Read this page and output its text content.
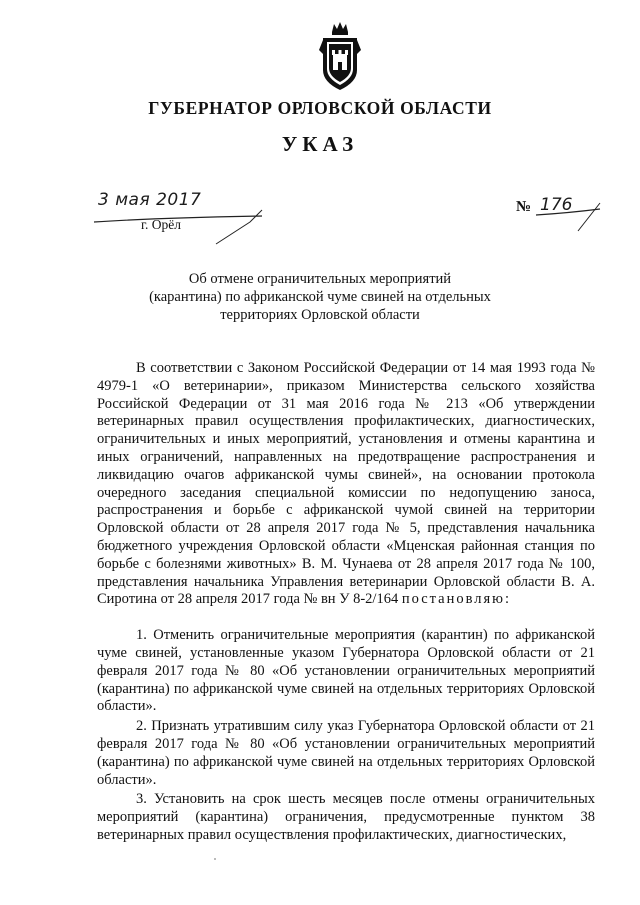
ГУБЕРНАТОР ОРЛОВСКОЙ ОБЛАСТИ
УКАЗ
3 мая 2017
г. Орёл
№ 176
Об отмене ограничительных мероприятий
(карантина) по африканской чуме свиней на отдельных
территориях Орловской области

В соответствии с Законом Российской Федерации от 14 мая 1993 года № 4979-1 «О ветеринарии», приказом Министерства сельского хозяйства Российской Федерации от 31 мая 2016 года № 213 «Об утверждении ветеринарных правил осуществления профилактических, диагностических, ограничительных и иных мероприятий, установления и отмены карантина и иных ограничений, направленных на предотвращение распространения и ликвидацию очагов африканской чумы свиней», на основании протокола очередного заседания специальной комиссии по недопущению заноса, распространения и борьбе с африканской чумой свиней на территории Орловской области от 28 апреля 2017 года № 5, представления начальника бюджетного учреждения Орловской области «Мценская районная станция по борьбе с болезнями животных» В. М. Чунаева от 28 апреля 2017 года № 100, представления начальника Управления ветеринарии Орловской области В. А. Сиротина от 28 апреля 2017 года № вн У 8-2/164 постановляю:

1. Отменить ограничительные мероприятия (карантин) по африканской чуме свиней, установленные указом Губернатора Орловской области от 21 февраля 2017 года № 80 «Об установлении ограничительных мероприятий (карантина) по африканской чуме свиней на отдельных территориях Орловской области».

2. Признать утратившим силу указ Губернатора Орловской области от 21 февраля 2017 года № 80 «Об установлении ограничительных мероприятий (карантина) по африканской чуме свиней на отдельных территориях Орловской области».

3. Установить на срок шесть месяцев после отмены ограничительных мероприятий (карантина) ограничения, предусмотренные пунктом 38 ветеринарных правил осуществления профилактических, диагностических,
